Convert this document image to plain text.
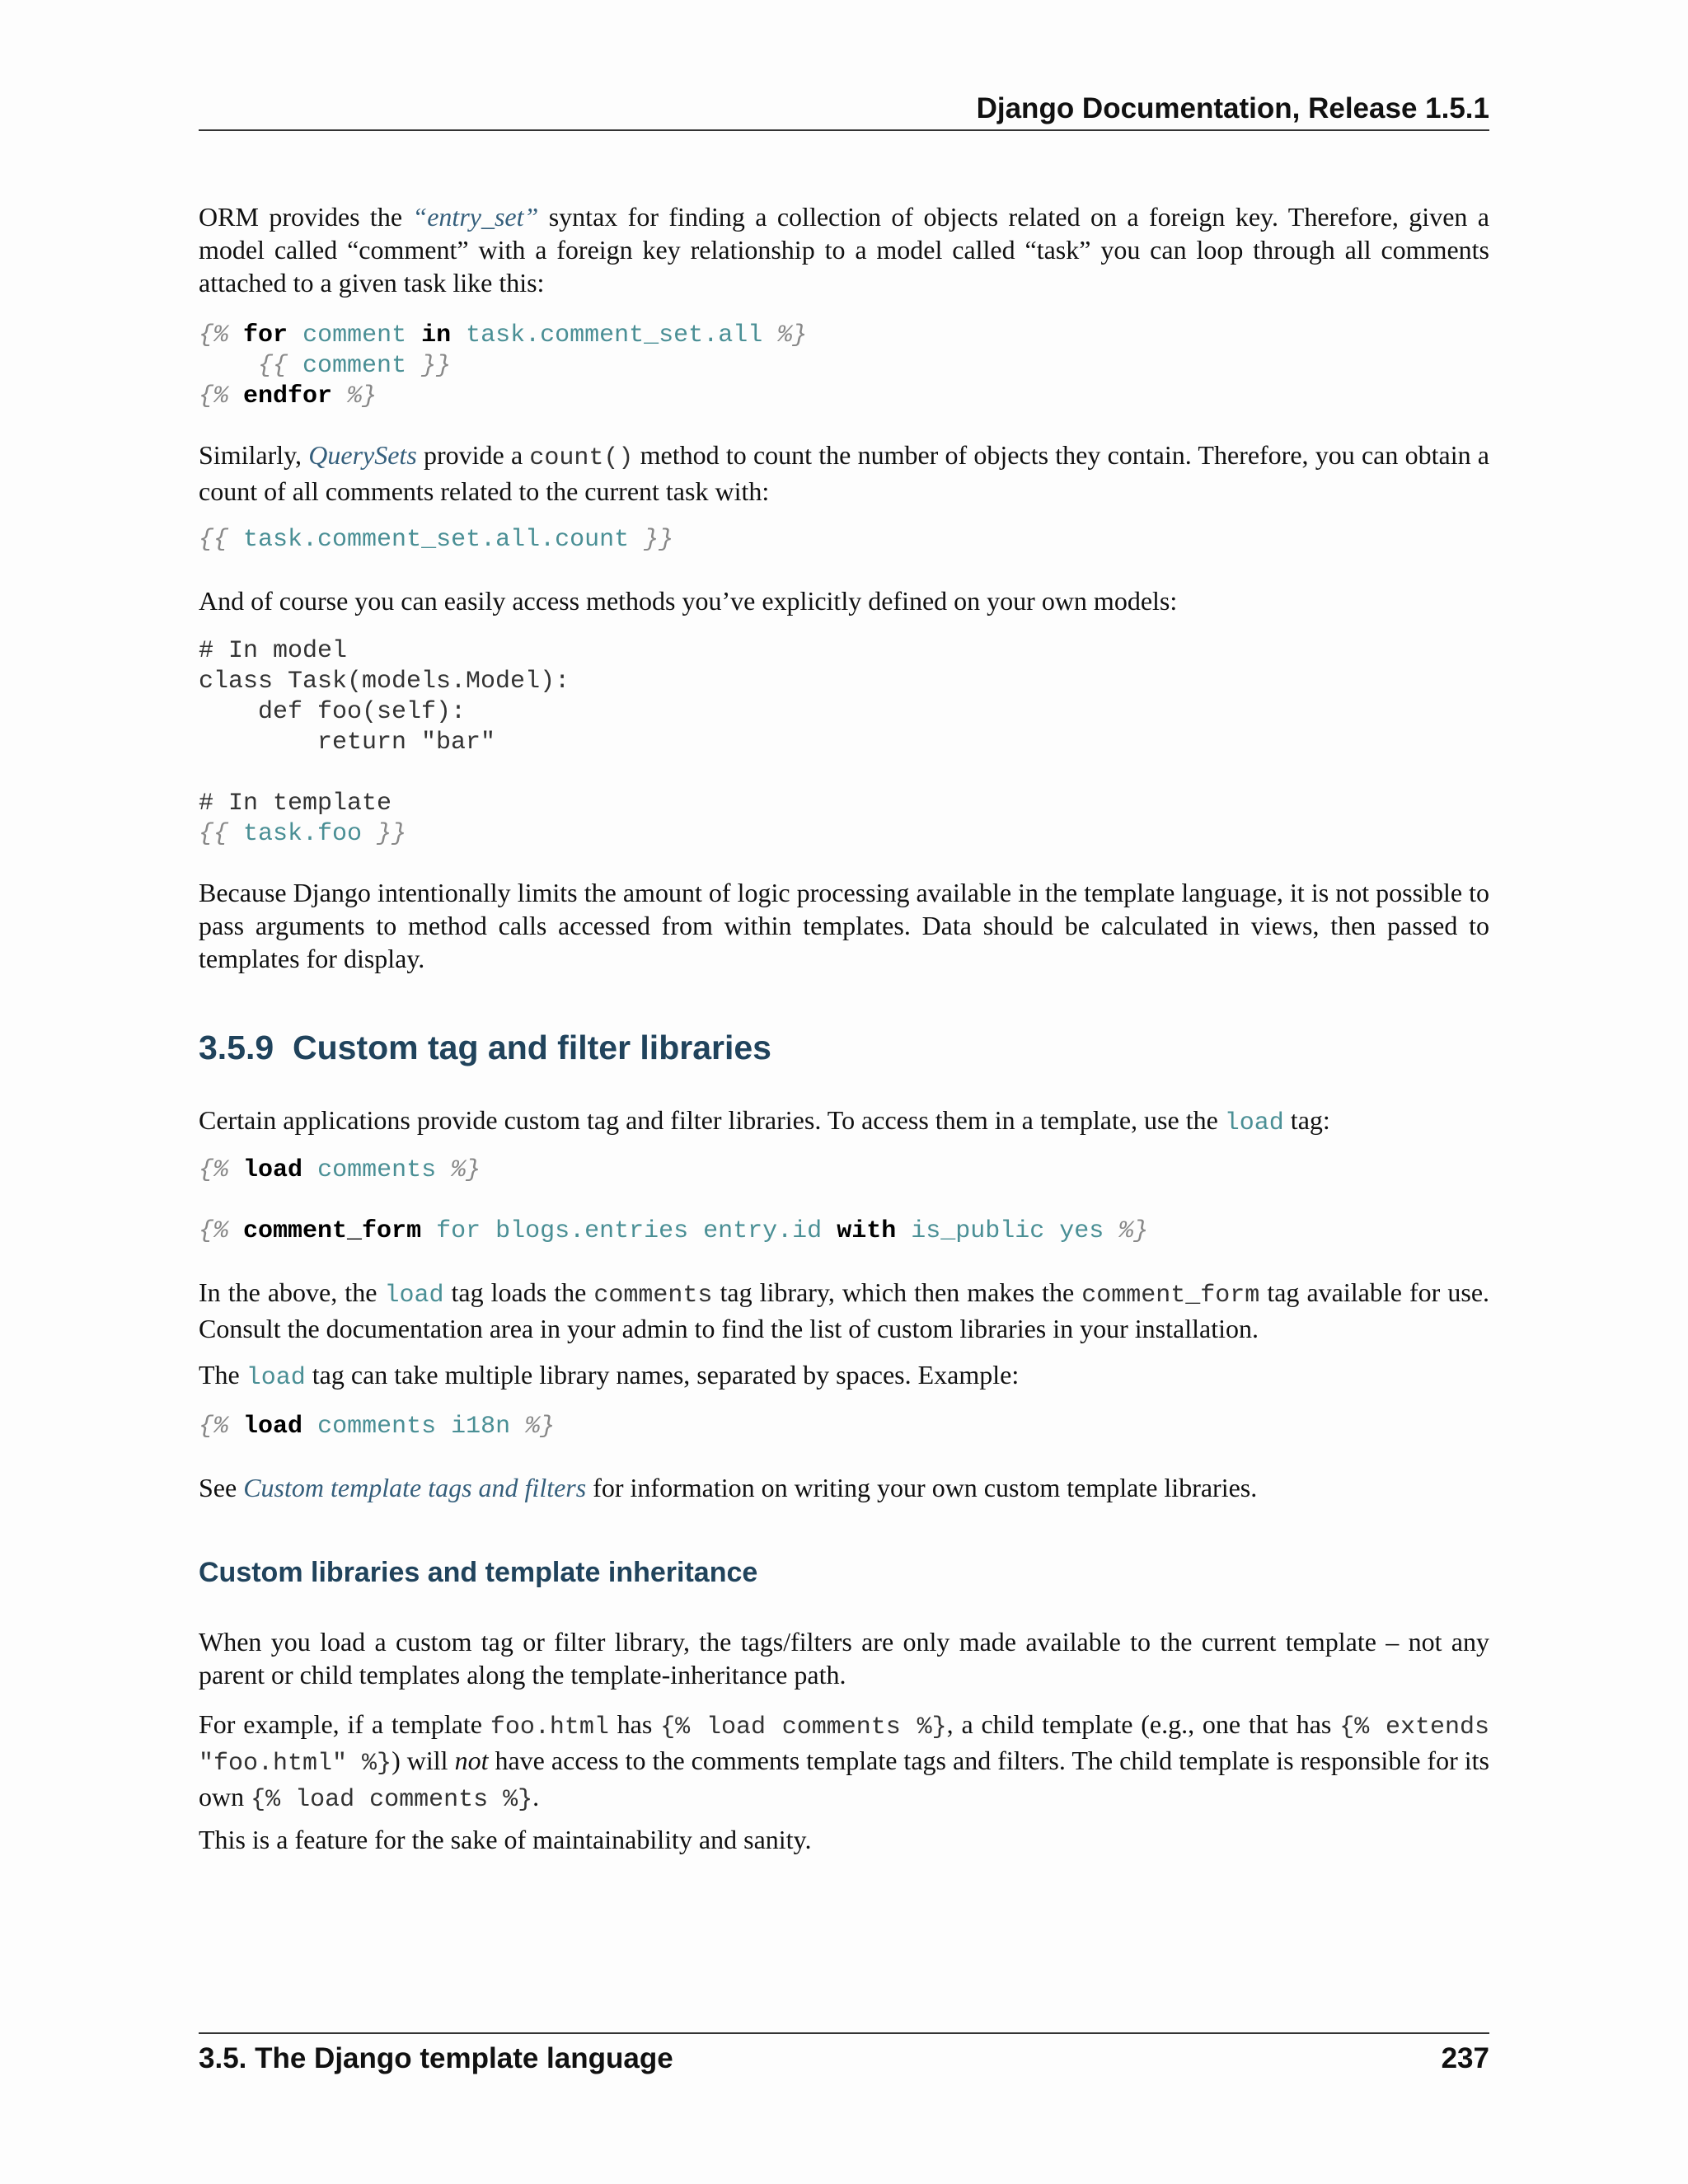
Django Documentation, Release 1.5.1

ORM provides the “entry_set” syntax for finding a collection of objects related on a foreign key. Therefore, given a model called “comment” with a foreign key relationship to a model called “task” you can loop through all comments attached to a given task like this:

{% for comment in task.comment_set.all %}
{{ comment }}
{% endfor %}

Similarly, QuerySets provide a count() method to count the number of objects they contain. Therefore, you can obtain a count of all comments related to the current task with:

{{ task.comment_set.all.count }}

And of course you can easily access methods you’ve explicitly defined on your own models:

# In model
class Task(models.Model):
def foo(self):
return "bar"

# In template
{{ task.foo }}

Because Django intentionally limits the amount of logic processing available in the template language, it is not possible to pass arguments to method calls accessed from within templates. Data should be calculated in views, then passed to templates for display.

3.5.9 Custom tag and filter libraries

Certain applications provide custom tag and filter libraries. To access them in a template, use the load tag:

{% load comments %}

{% comment_form for blogs.entries entry.id with is_public yes %}

In the above, the load tag loads the comments tag library, which then makes the comment_form tag available for use. Consult the documentation area in your admin to find the list of custom libraries in your installation.

The load tag can take multiple library names, separated by spaces. Example:

{% load comments i18n %}

See Custom template tags and filters for information on writing your own custom template libraries.

Custom libraries and template inheritance

When you load a custom tag or filter library, the tags/filters are only made available to the current template – not any parent or child templates along the template-inheritance path.

For example, if a template foo.html has {% load comments %}, a child template (e.g., one that has {% extends "foo.html" %}) will not have access to the comments template tags and filters. The child template is responsible for its own {% load comments %}.

This is a feature for the sake of maintainability and sanity.

3.5. The Django template language	237
